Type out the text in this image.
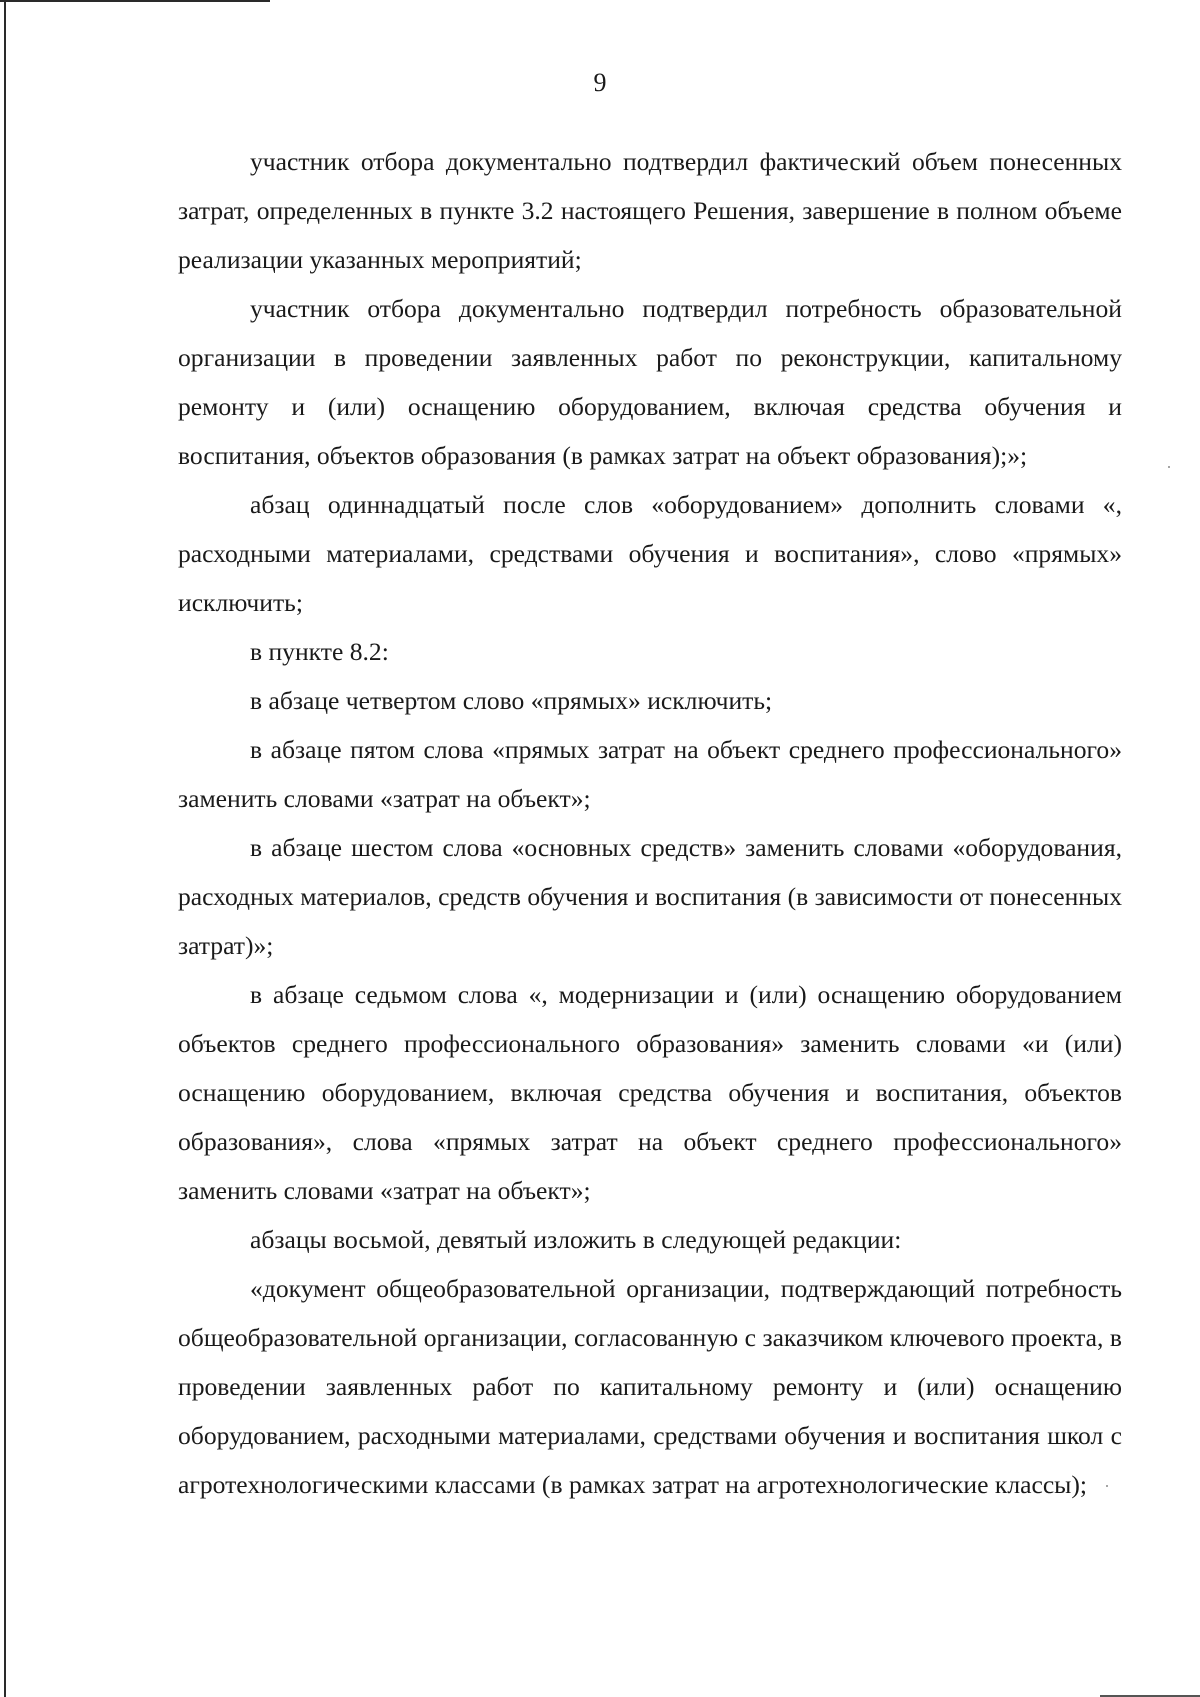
9

участник отбора документально подтвердил фактический объем понесенных затрат, определенных в пункте 3.2 настоящего Решения, завершение в полном объеме реализации указанных мероприятий;

участник отбора документально подтвердил потребность образовательной организации в проведении заявленных работ по реконструкции, капитальному ремонту и (или) оснащению оборудованием, включая средства обучения и воспитания, объектов образования (в рамках затрат на объект образования);»;

абзац одиннадцатый после слов «оборудованием» дополнить словами «, расходными материалами, средствами обучения и воспитания», слово «прямых» исключить;

в пункте 8.2:

в абзаце четвертом слово «прямых» исключить;

в абзаце пятом слова «прямых затрат на объект среднего профессионального» заменить словами «затрат на объект»;

в абзаце шестом слова «основных средств» заменить словами «оборудования, расходных материалов, средств обучения и воспитания (в зависимости от понесенных затрат)»;

в абзаце седьмом слова «, модернизации и (или) оснащению оборудованием объектов среднего профессионального образования» заменить словами «и (или) оснащению оборудованием, включая средства обучения и воспитания, объектов образования», слова «прямых затрат на объект среднего профессионального» заменить словами «затрат на объект»;

абзацы восьмой, девятый изложить в следующей редакции:

«документ общеобразовательной организации, подтверждающий потребность общеобразовательной организации, согласованную с заказчиком ключевого проекта, в проведении заявленных работ по капитальному ремонту и (или) оснащению оборудованием, расходными материалами, средствами обучения и воспитания школ с агротехнологическими классами (в рамках затрат на агротехнологические классы);
